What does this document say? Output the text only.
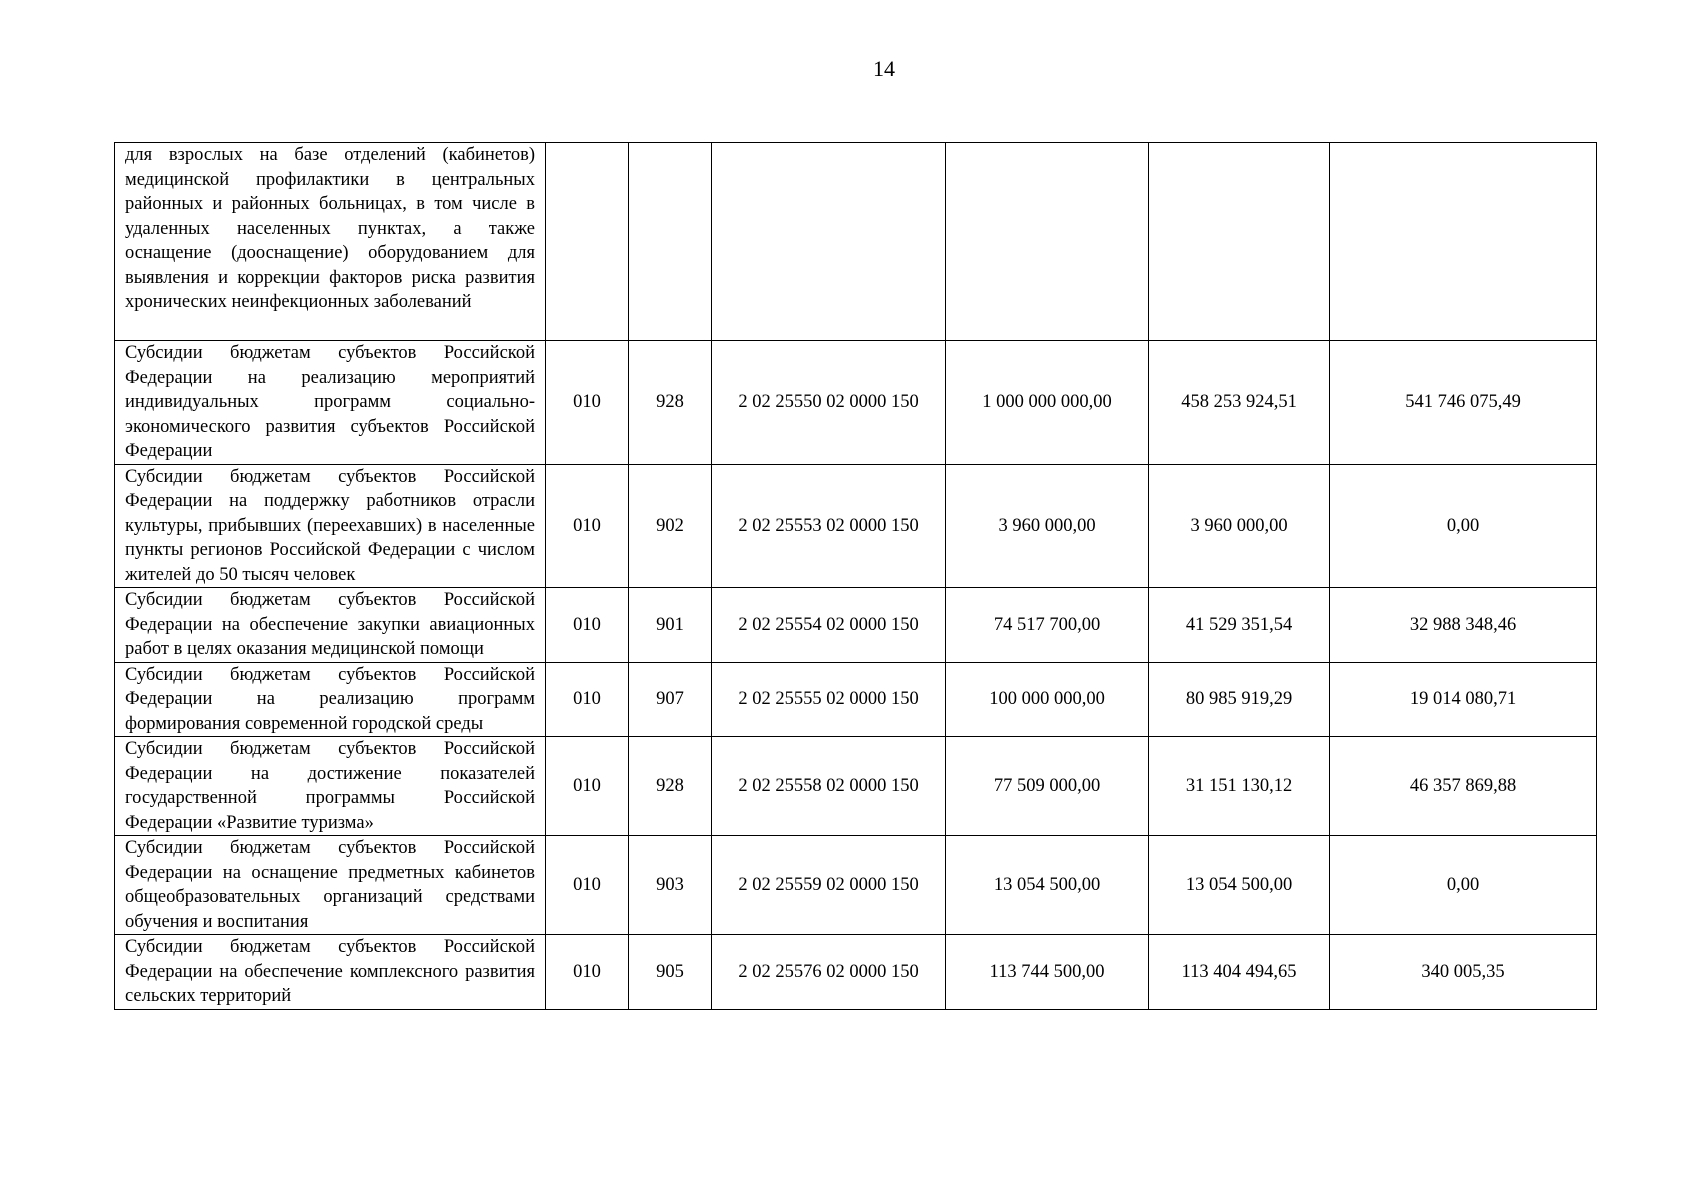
14
для взрослых на базе отделений (кабинетов) медицинской профилактики в центральных районных и районных больницах, в том числе в удаленных населенных пунктах, а также оснащение (дооснащение) оборудованием для выявления и коррекции факторов риска развития хронических неинфекционных заболеваний						
Субсидии бюджетам субъектов Российской Федерации на реализацию мероприятий индивидуальных программ социально-экономического развития субъектов Российской Федерации	010	928	2 02 25550 02 0000 150	1 000 000 000,00	458 253 924,51	541 746 075,49
Субсидии бюджетам субъектов Российской Федерации на поддержку работников отрасли культуры, прибывших (переехавших) в населенные пункты регионов Российской Федерации с числом жителей до 50 тысяч человек	010	902	2 02 25553 02 0000 150	3 960 000,00	3 960 000,00	0,00
Субсидии бюджетам субъектов Российской Федерации на обеспечение закупки авиационных работ в целях оказания медицинской помощи	010	901	2 02 25554 02 0000 150	74 517 700,00	41 529 351,54	32 988 348,46
Субсидии бюджетам субъектов Российской Федерации на реализацию программ формирования современной городской среды	010	907	2 02 25555 02 0000 150	100 000 000,00	80 985 919,29	19 014 080,71
Субсидии бюджетам субъектов Российской Федерации на достижение показателей государственной программы Российской Федерации «Развитие туризма»	010	928	2 02 25558 02 0000 150	77 509 000,00	31 151 130,12	46 357 869,88
Субсидии бюджетам субъектов Российской Федерации на оснащение предметных кабинетов общеобразовательных организаций средствами обучения и воспитания	010	903	2 02 25559 02 0000 150	13 054 500,00	13 054 500,00	0,00
Субсидии бюджетам субъектов Российской Федерации на обеспечение комплексного развития сельских территорий	010	905	2 02 25576 02 0000 150	113 744 500,00	113 404 494,65	340 005,35
